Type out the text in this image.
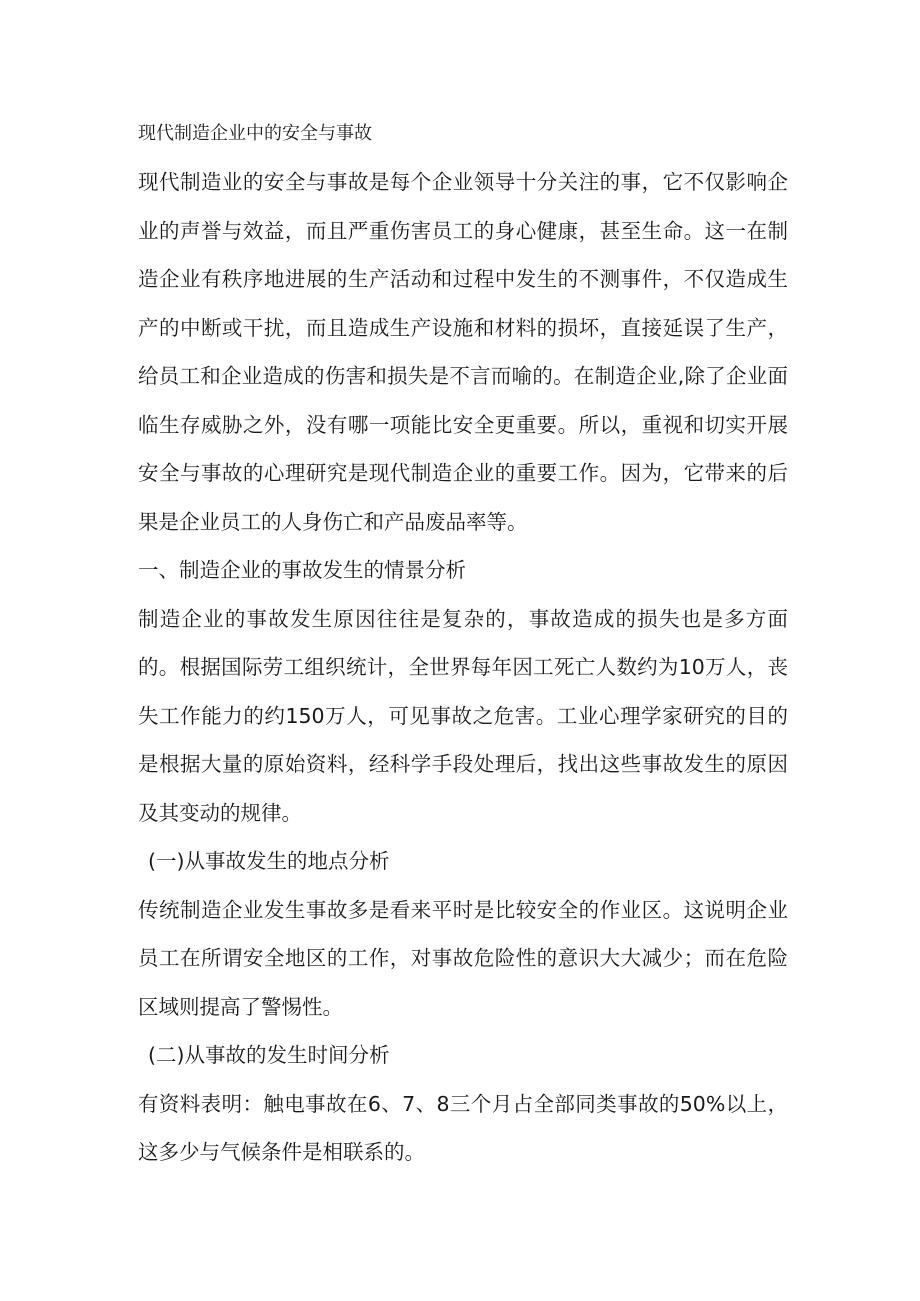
现代制造企业中的安全与事故

现代制造业的安全与事故是每个企业领导十分关注的事，它不仅影响企业的声誉与效益，而且严重伤害员工的身心健康，甚至生命。这一在制造企业有秩序地进展的生产活动和过程中发生的不测事件，不仅造成生产的中断或干扰，而且造成生产设施和材料的损坏，直接延误了生产，给员工和企业造成的伤害和损失是不言而喻的。在制造企业,除了企业面临生存威胁之外，没有哪一项能比安全更重要。所以，重视和切实开展安全与事故的心理研究是现代制造企业的重要工作。因为，它带来的后果是企业员工的人身伤亡和产品废品率等。

一、制造企业的事故发生的情景分析

制造企业的事故发生原因往往是复杂的，事故造成的损失也是多方面的。根据国际劳工组织统计，全世界每年因工死亡人数约为10万人，丧失工作能力的约150万人，可见事故之危害。工业心理学家研究的目的是根据大量的原始资料，经科学手段处理后，找出这些事故发生的原因及其变动的规律。

(一)从事故发生的地点分析

传统制造企业发生事故多是看来平时是比较安全的作业区。这说明企业员工在所谓安全地区的工作，对事故危险性的意识大大减少；而在危险区域则提高了警惕性。

(二)从事故的发生时间分析

有资料表明：触电事故在6、7、8三个月占全部同类事故的50%以上，这多少与气候条件是相联系的。
